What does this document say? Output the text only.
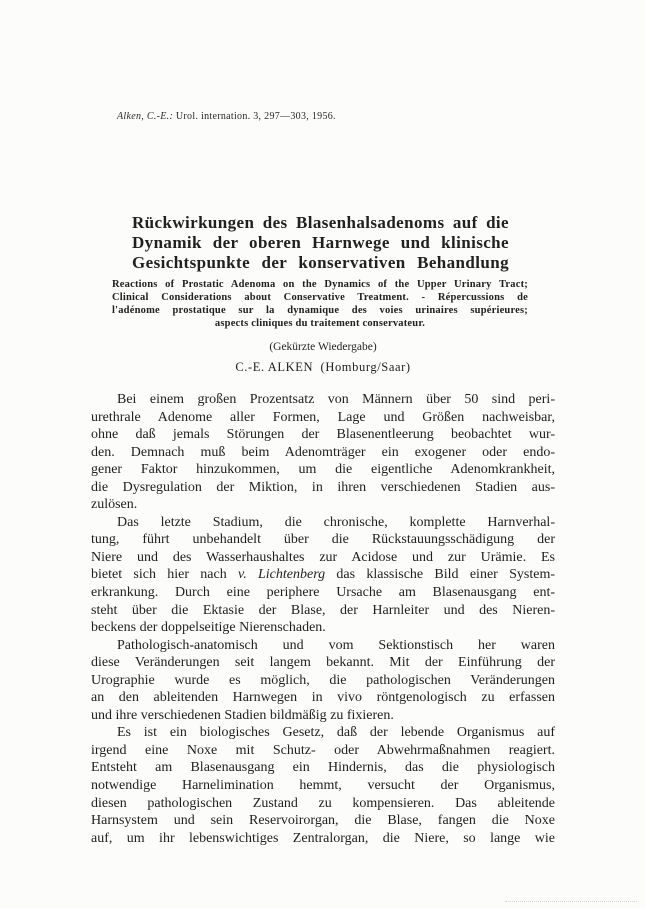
Alken, C.-E.: Urol. internation. 3, 297—303, 1956.
Rückwirkungen des Blasenhalsadenoms auf die
Dynamik der oberen Harnwege und klinische
Gesichtspunkte der konservativen Behandlung
Reactions of Prostatic Adenoma on the Dynamics of the Upper Urinary Tract;
Clinical Considerations about Conservative Treatment. - Répercussions de
l'adénome prostatique sur la dynamique des voies urinaires supérieures;
aspects cliniques du traitement conservateur.
(Gekürzte Wiedergabe)
C.-E. ALKEN  (Homburg/Saar)
Bei einem großen Prozentsatz von Männern über 50 sind peri-
urethrale Adenome aller Formen, Lage und Größen nachweisbar,
ohne daß jemals Störungen der Blasenentleerung beobachtet wur-
den. Demnach muß beim Adenomträger ein exogener oder endo-
gener Faktor hinzukommen, um die eigentliche Adenomkrankheit,
die Dysregulation der Miktion, in ihren verschiedenen Stadien aus-
zulösen.
Das letzte Stadium, die chronische, komplette Harnverhal-
tung, führt unbehandelt über die Rückstauungsschädigung der
Niere und des Wasserhaushaltes zur Acidose und zur Urämie. Es
bietet sich hier nach v. Lichtenberg das klassische Bild einer System-
erkrankung. Durch eine periphere Ursache am Blasenausgang ent-
steht über die Ektasie der Blase, der Harnleiter und des Nieren-
beckens der doppelseitige Nierenschaden.
Pathologisch-anatomisch und vom Sektionstisch her waren
diese Veränderungen seit langem bekannt. Mit der Einführung der
Urographie wurde es möglich, die pathologischen Veränderungen
an den ableitenden Harnwegen in vivo röntgenologisch zu erfassen
und ihre verschiedenen Stadien bildmäßig zu fixieren.
Es ist ein biologisches Gesetz, daß der lebende Organismus auf
irgend eine Noxe mit Schutz- oder Abwehrmaßnahmen reagiert.
Entsteht am Blasenausgang ein Hindernis, das die physiologisch
notwendige Harnelimination hemmt, versucht der Organismus,
diesen pathologischen Zustand zu kompensieren. Das ableitende
Harnsystem und sein Reservoirorgan, die Blase, fangen die Noxe
auf, um ihr lebenswichtiges Zentralorgan, die Niere, so lange wie
